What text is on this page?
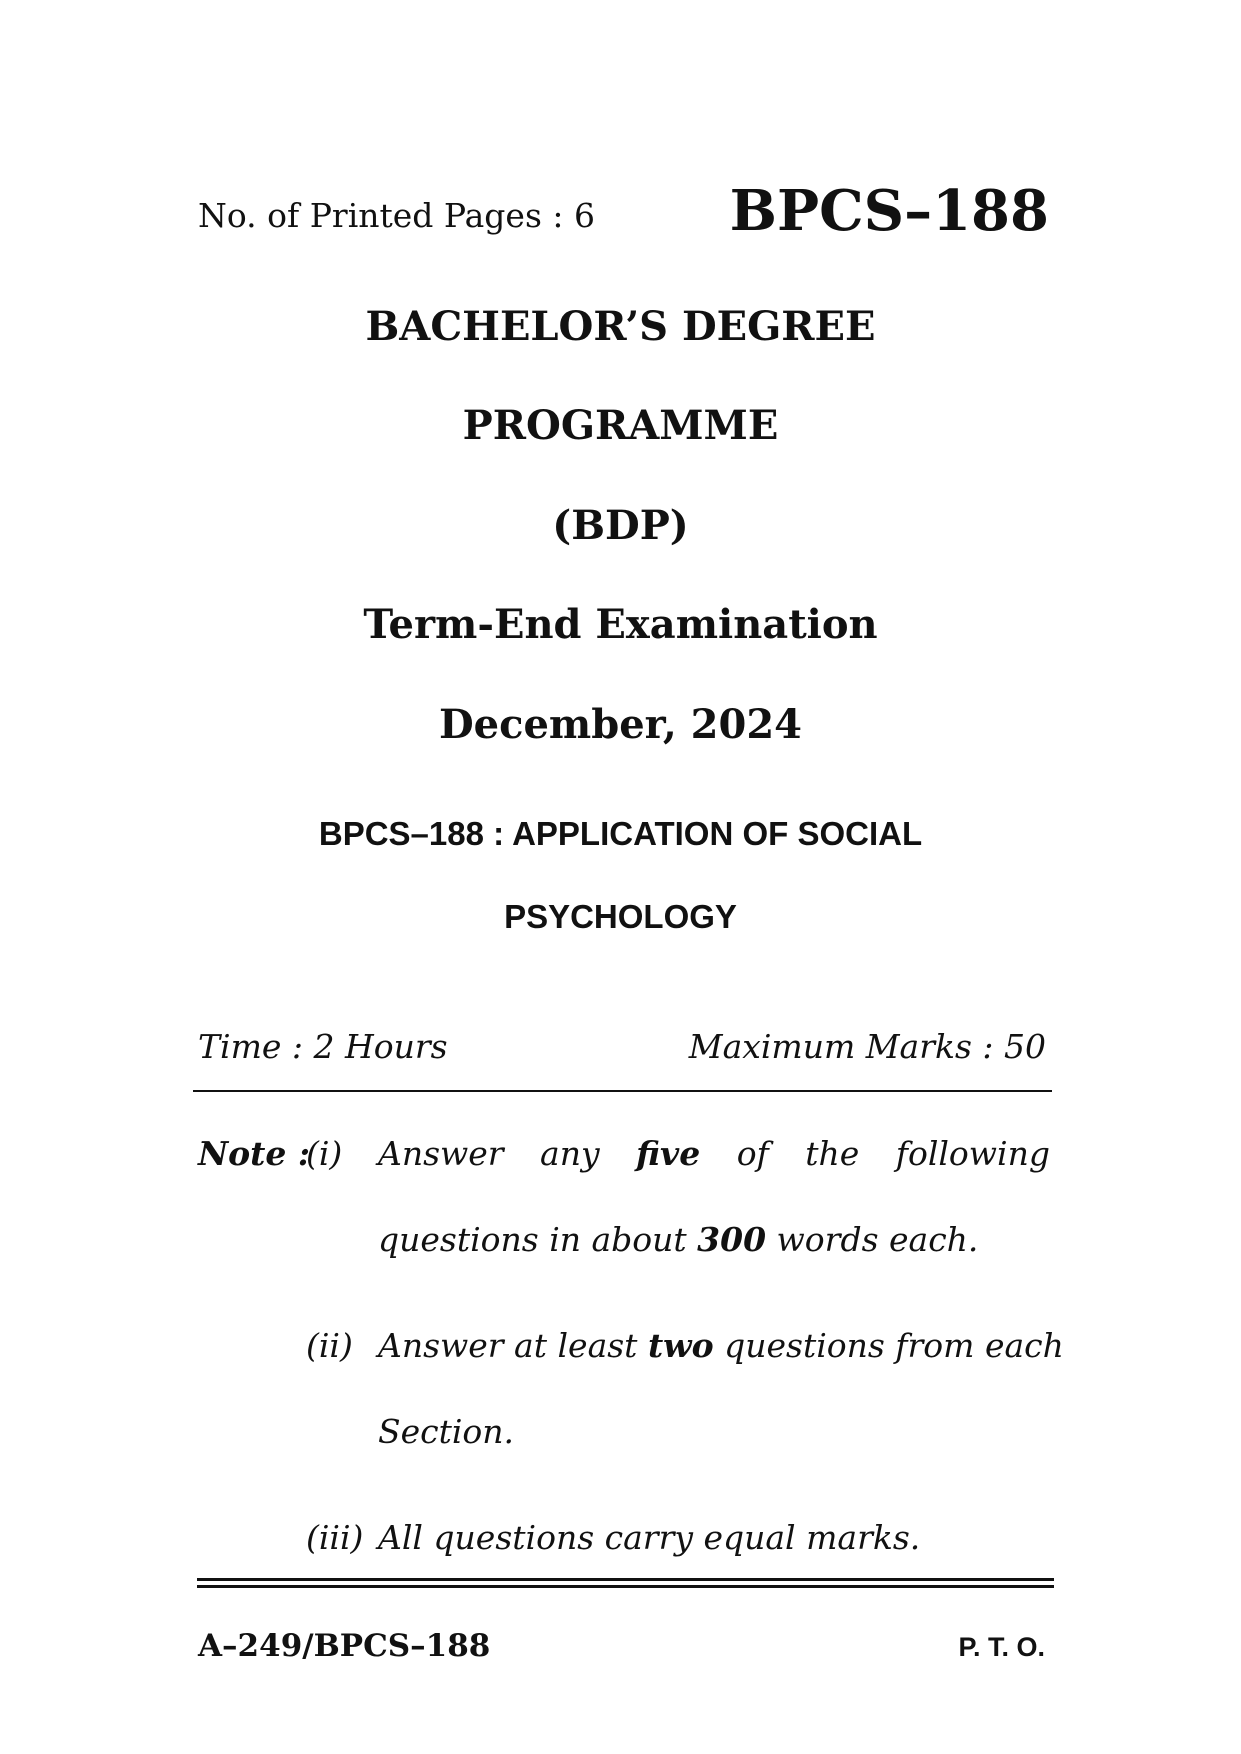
No. of Printed Pages : 6 BPCS–188
BACHELOR’S DEGREE
PROGRAMME
(BDP)
Term-End Examination
December, 2024
BPCS–188 : APPLICATION OF SOCIAL
PSYCHOLOGY
Time : 2 Hours	Maximum Marks : 50
Note :
(i) Answer any five of the following
questions in about 300 words each.
(ii) Answer at least two questions from each
Section.
(iii) All questions carry equal marks.
A–249/BPCS–188	P. T. O.
